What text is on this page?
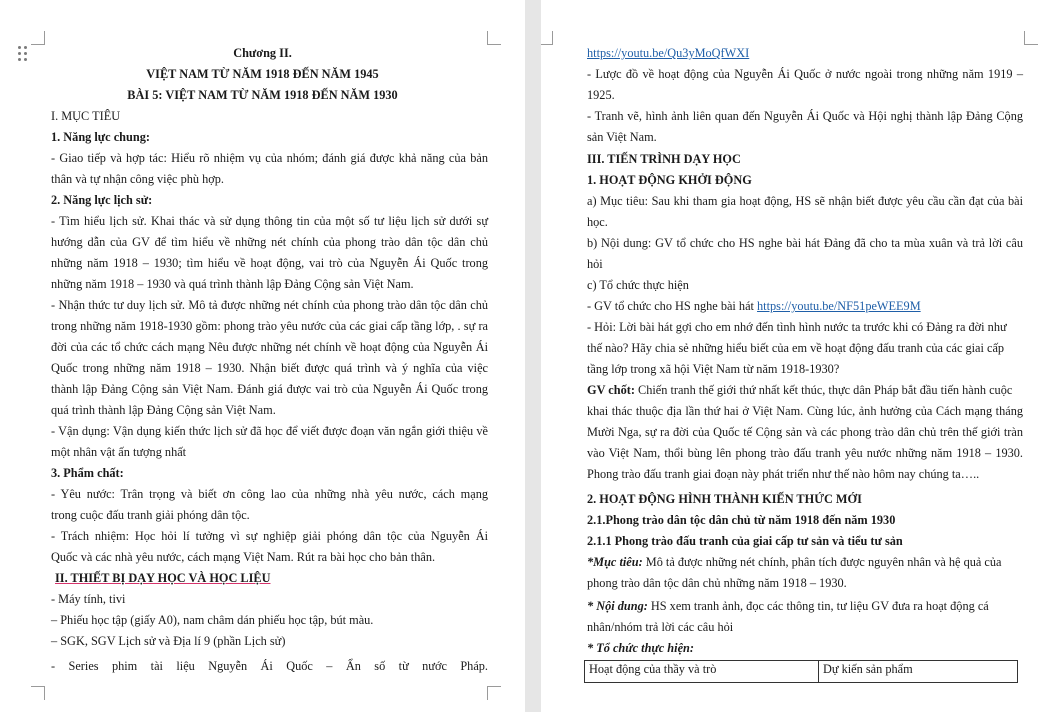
Chương II.
VIỆT NAM TỪ NĂM 1918 ĐẾN NĂM 1945
BÀI 5: VIỆT NAM TỪ NĂM 1918 ĐẾN NĂM 1930
I. MỤC TIÊU
1. Năng lực chung:
- Giao tiếp và hợp tác: Hiểu rõ nhiệm vụ của nhóm; đánh giá được khả năng của bản
thân và tự nhận công việc phù hợp.
2. Năng lực lịch sử:
- Tìm hiểu lịch sử. Khai thác và sử dụng thông tin của một số tư liệu lịch sử dưới sự
hướng dẫn của GV để tìm hiểu về những nét chính của phong trào dân tộc dân chủ
những năm 1918 – 1930; tìm hiểu về hoạt động, vai trò của Nguyễn Ái Quốc trong
những năm 1918 – 1930 và quá trình thành lập Đảng Cộng sản Việt Nam.
- Nhận thức tư duy lịch sử. Mô tả được những nét chính của phong trào dân tộc dân chủ
trong những năm 1918-1930 gồm: phong trào yêu nước của các giai cấp tầng lớp, . sự ra
đời của các tổ chức cách mạng Nêu được những nét chính về hoạt động của Nguyễn Ái
Quốc trong những năm 1918 – 1930. Nhận biết được quá trình và ý nghĩa của việc
thành lập Đảng Cộng sản Việt Nam. Đánh giá được vai trò của Nguyễn Ái Quốc trong
quá trình thành lập Đảng Cộng sản Việt Nam.
- Vận dụng: Vận dụng kiến thức lịch sử đã học để viết được đoạn văn ngắn giới thiệu về
một nhân vật ấn tượng nhất
3. Phẩm chất:
- Yêu nước: Trân trọng và biết ơn công lao của những nhà yêu nước, cách mạng
trong cuộc đấu tranh giải phóng dân tộc.
- Trách nhiệm: Học hỏi lí tưởng vì sự nghiệp giải phóng dân tộc của Nguyễn Ái
Quốc và các nhà yêu nước, cách mạng Việt Nam. Rút ra bài học cho bản thân.
II. THIẾT BỊ DẠY HỌC VÀ HỌC LIỆU
- Máy tính, tivi
– Phiếu học tập (giấy A0), nam châm dán phiếu học tập, bút màu.
– SGK, SGV Lịch sử và Địa lí 9 (phần Lịch sử)
- Series phim tài liệu Nguyễn Ái Quốc – Ẩn số từ nước Pháp.
https://youtu.be/Qu3yMoQfWXI
- Lược đồ về hoạt động của Nguyễn Ái Quốc ở nước ngoài trong những năm 1919 –
1925.
- Tranh vẽ, hình ảnh liên quan đến Nguyễn Ái Quốc và Hội nghị thành lập Đảng Cộng
sản Việt Nam.
III. TIẾN TRÌNH DẠY HỌC
1. HOẠT ĐỘNG KHỞI ĐỘNG
a) Mục tiêu: Sau khi tham gia hoạt động, HS sẽ nhận biết được yêu cầu cần đạt của bài
học.
b) Nội dung: GV tổ chức cho HS nghe bài hát Đảng đã cho ta mùa xuân và trả lời câu
hỏi
c) Tổ chức thực hiện
- GV tổ chức cho HS nghe bài hát https://youtu.be/NF51peWEE9M
- Hỏi: Lời bài hát gợi cho em nhớ đến tình hình nước ta trước khi có Đảng ra đời như
thế nào? Hãy chia sẻ những hiểu biết của em về hoạt động đấu tranh của các giai cấp
tầng lớp trong xã hội Việt Nam từ năm 1918-1930?
GV chốt: Chiến tranh thế giới thứ nhất kết thúc, thực dân Pháp bắt đầu tiến hành cuộc
khai thác thuộc địa lần thứ hai ở Việt Nam. Cùng lúc, ảnh hưởng của Cách mạng tháng
Mười Nga, sự ra đời của Quốc tế Cộng sản và các phong trào dân chủ trên thế giới tràn
vào Việt Nam, thổi bùng lên phong trào đấu tranh yêu nước những năm 1918 – 1930.
Phong trào đấu tranh giai đoạn này phát triển như thế nào hôm nay chúng ta…..
2. HOẠT ĐỘNG HÌNH THÀNH KIẾN THỨC MỚI
2.1.Phong trào dân tộc dân chủ từ năm 1918 đến năm 1930
2.1.1 Phong trào đấu tranh của giai cấp tư sản và tiểu tư sản
*Mục tiêu: Mô tả được những nét chính, phân tích được nguyên nhân và hệ quả của
phong trào dân tộc dân chủ những năm 1918 – 1930.
* Nội dung: HS xem tranh ảnh, đọc các thông tin, tư liệu GV đưa ra hoạt động cá
nhân/nhóm trả lời các câu hỏi
* Tổ chức thực hiện:
Hoạt động của thầy và trò	Dự kiến sản phẩm
